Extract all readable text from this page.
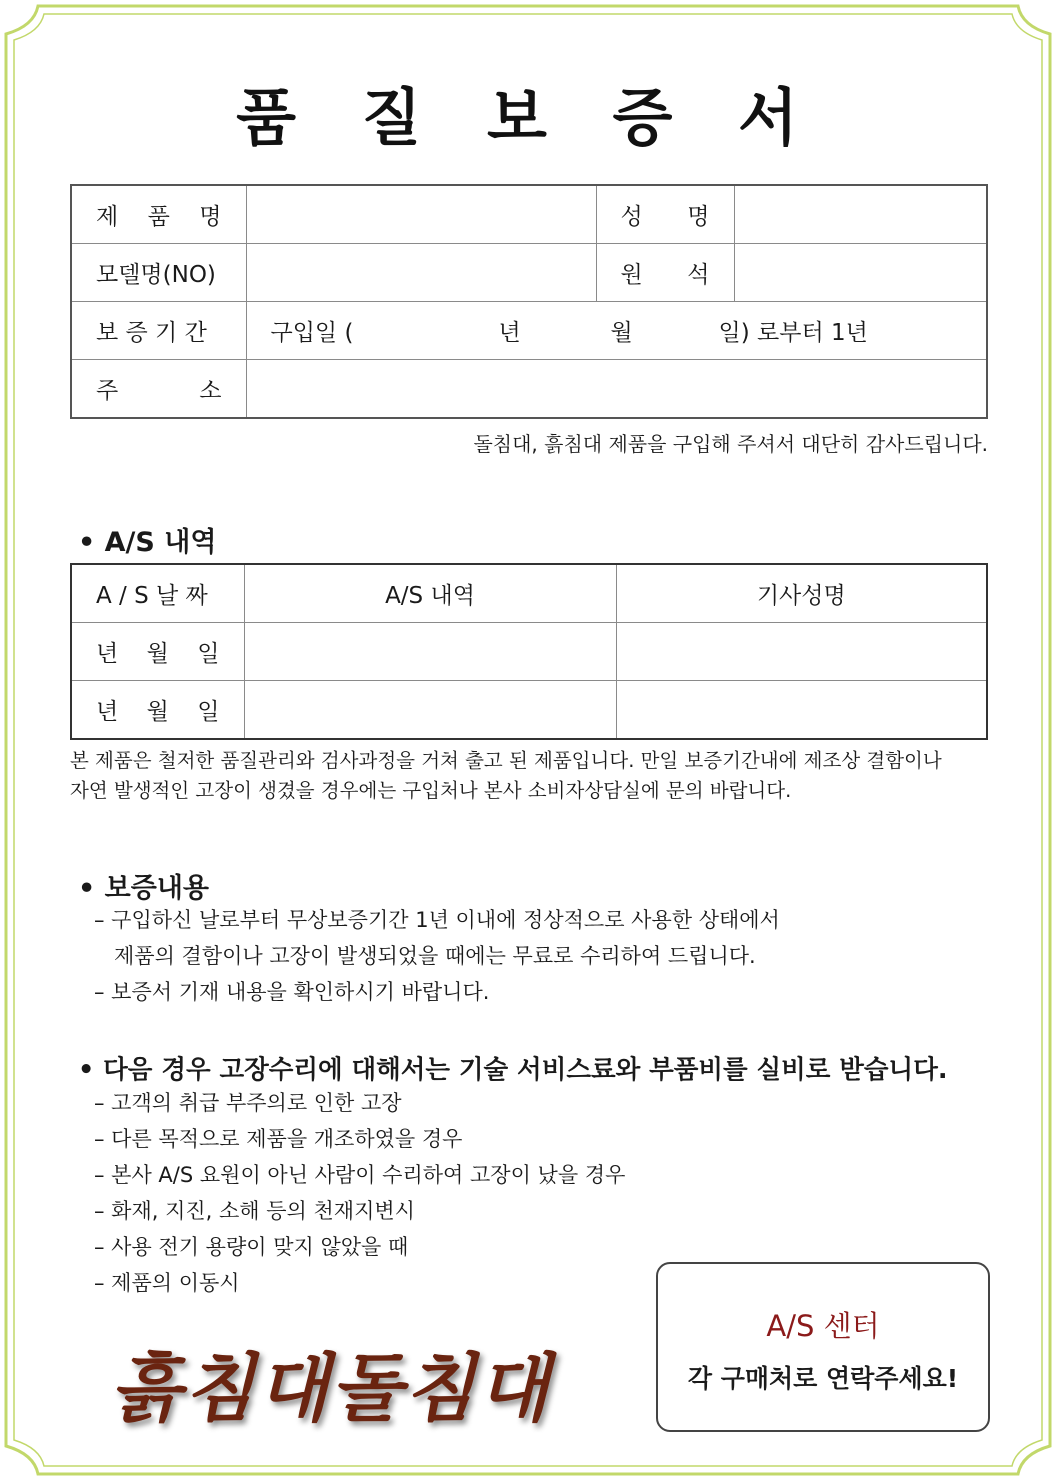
품 질 보 증 서
제 품 명		성 명	

모델명(NO)		원 석	

보 증 기 간	구입일 ( 년 월 일) 로부터 1년		

주 소			

돌침대, 흙침대 제품을 구입해 주셔서 대단히 감사드립니다.
• A/S 내역
A / S 날 짜	A/S 내역	기사성명

년 월 일		

년 월 일		

본 제품은 철저한 품질관리와 검사과정을 거쳐 출고 된 제품입니다. 만일 보증기간내에 제조상 결함이나
자연 발생적인 고장이 생겼을 경우에는 구입처나 본사 소비자상담실에 문의 바랍니다.
• 보증내용
– 구입하신 날로부터 무상보증기간 1년 이내에 정상적으로 사용한 상태에서
제품의 결함이나 고장이 발생되었을 때에는 무료로 수리하여 드립니다.
– 보증서 기재 내용을 확인하시기 바랍니다.
• 다음 경우 고장수리에 대해서는 기술 서비스료와 부품비를 실비로 받습니다.
– 고객의 취급 부주의로 인한 고장
– 다른 목적으로 제품을 개조하였을 경우
– 본사 A/S 요원이 아닌 사람이 수리하여 고장이 났을 경우
– 화재, 지진, 소해 등의 천재지변시
– 사용 전기 용량이 맞지 않았을 때
– 제품의 이동시
흙침대돌침대
A/S 센터
각 구매처로 연락주세요!
